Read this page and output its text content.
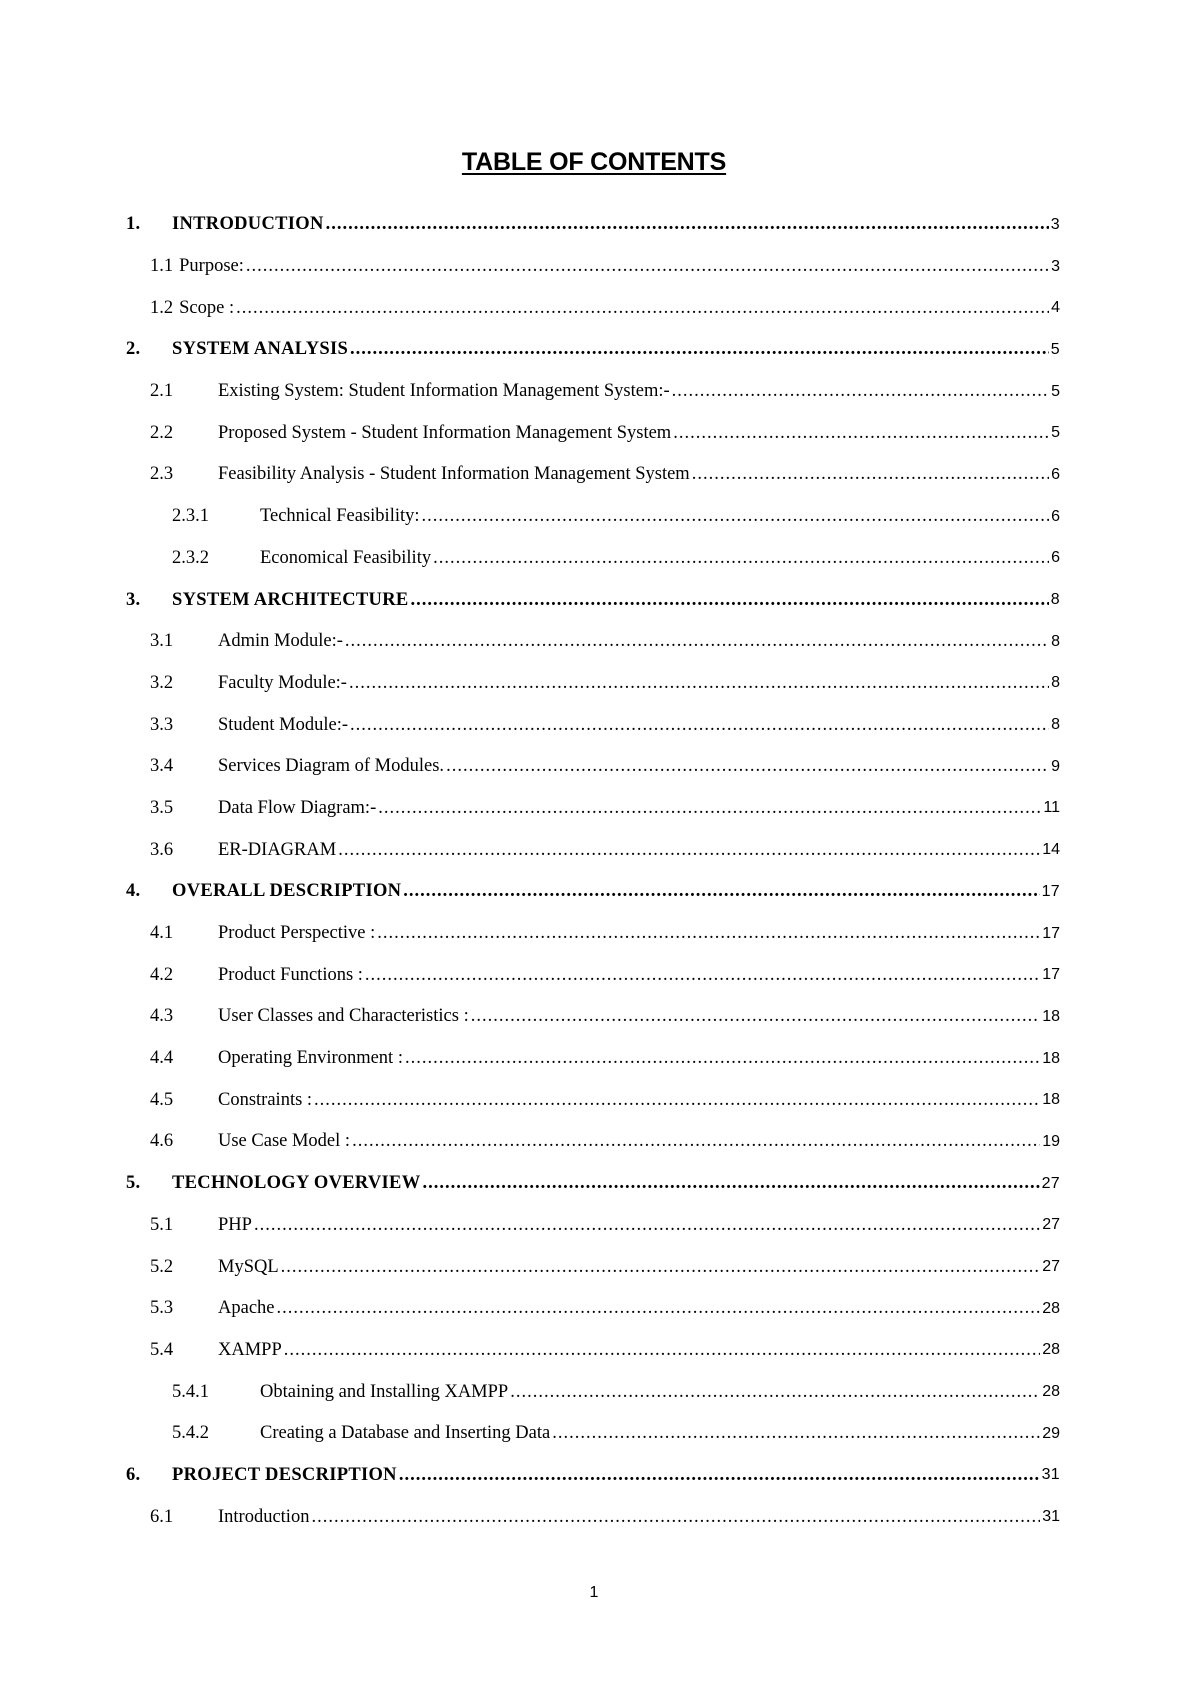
TABLE OF CONTENTS
1.	INTRODUCTION .....	3
1.1 Purpose: .....	3
1.2 Scope : .....	4
2.	SYSTEM ANALYSIS .....	5
2.1	Existing System: Student Information Management System:- .....	5
2.2	Proposed System - Student Information Management System .....	5
2.3	Feasibility Analysis - Student Information Management System .....	6
2.3.1	Technical Feasibility: .....	6
2.3.2	Economical Feasibility .....	6
3.	SYSTEM ARCHITECTURE .....	8
3.1	Admin Module:- .....	8
3.2	Faculty Module:- .....	8
3.3	Student Module:- .....	8
3.4	Services Diagram of Modules. .....	9
3.5	Data Flow Diagram:- .....	11
3.6	ER-DIAGRAM .....	14
4.	OVERALL DESCRIPTION .....	17
4.1	Product Perspective : .....	17
4.2	Product Functions : .....	17
4.3	User Classes and Characteristics : .....	18
4.4	Operating Environment : .....	18
4.5	Constraints : .....	18
4.6	Use Case Model : .....	19
5.	TECHNOLOGY OVERVIEW .....	27
5.1	PHP .....	27
5.2	MySQL .....	27
5.3	Apache .....	28
5.4	XAMPP .....	28
5.4.1	Obtaining and Installing XAMPP .....	28
5.4.2	Creating a Database and Inserting Data .....	29
6.	PROJECT DESCRIPTION .....	31
6.1	Introduction .....	31
1
